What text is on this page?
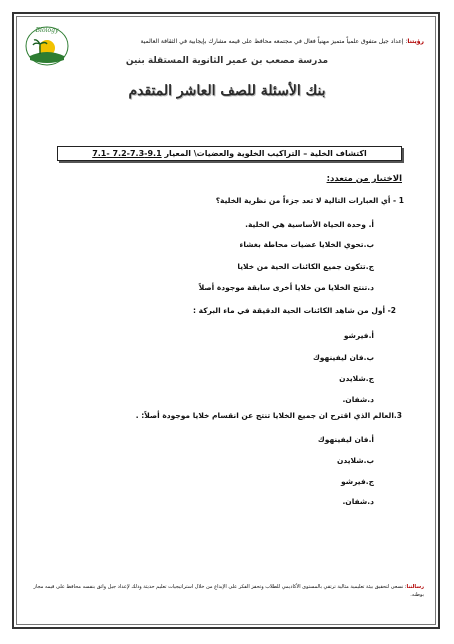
Biology
رؤيتنا: إعداد جيل متفوق علمياً متميز مهنياً فعال في مجتمعه محافظ على قيمه مشارك بإيجابية في الثقافة العالمية
مدرسة مصعب بن عمير الثانوية المستقلة بنين
بنك الأسئلة للصف العاشر المتقدم
اكتشاف الخلية – التراكيب الخلوية والعضيات\ المعيار 9.1-7.3-7.2 -7.1
الاختيار من متعدد:
1 - أي العبارات التالية لا تعد جزءاً من نظرية الخلية؟
أ. وحدة الحياة الأساسية هي الخلية.
ب.تحوي الخلايا عضيات محاطة بغشاء
ج.تتكون جميع الكائنات الحية من خلايا
د.تنتج الخلايا من خلايا أخرى سابقة موجودة أصلاً
2- أول من شاهد الكائنات الحية الدقيقة في ماء البركة :
أ.فيرشو
ب.فان ليفينهوك
ج.شلايدن
د.شفان.
3.العالم الذي اقترح ان جميع الخلايا تنتج عن انقسام خلايا موجودة أصلاً: .
أ.فان ليفينهوك
ب.شلايدن
ج.فيرشو
د.شفان.
رسالتنا: نسعى لتحقيق بيئة تعليمية مثالية ترتقي بالمستوى الأكاديمي للطلاب وتحفز الفكر على الإبداع من خلال استراتيجيات تعليم حديثة وذلك لإعداد جيل واثق بنفسه محافظ على قيمه مجاز بوطنه.
